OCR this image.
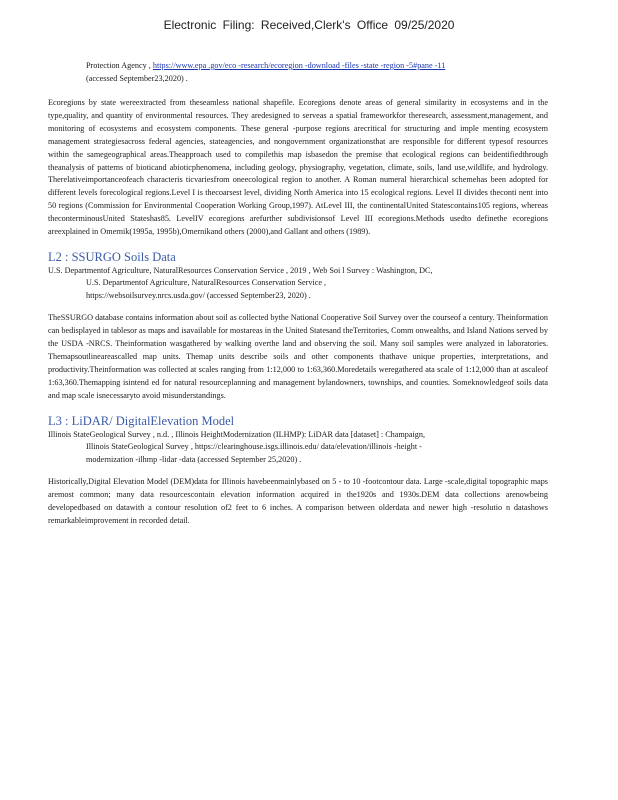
Electronic Filing: Received,Clerk's Office 09/25/2020
Protection Agency , https://www.epa .gov/eco -research/ecoregion -download -files -state -region -5#pane -11
(accessed September23,2020) .

Ecoregions by state wereextracted from theseamless national shapefile. Ecoregions denote areas of general similarity in ecosystems and in the type,quality, and quantity of environmental resources. They aredesigned to serveas a spatial frameworkfor theresearch, assessment,management, and monitoring of ecosystems and ecosystem components. These general -purpose regions arecritical for structuring and imple menting ecosystem management strategiesacross federal agencies, stateagencies, and nongovernment organizationsthat are responsible for different typesof resources within the samegeographical areas.Theapproach used to compilethis map isbasedon the premise that ecological regions can beidentifiedthrough theanalysis of patterns of bioticand abioticphenomena, including geology, physiography, vegetation, climate, soils, land use,wildlife, and hydrology. Therelativeimportanceofeach characteris ticvariesfrom oneecological region to another. A Roman numeral hierarchical schemehas been adopted for different levels forecological regions.Level I is thecoarsest level, dividing North America into 15 ecological regions. Level II divides theconti nent into 50 regions (Commission for Environmental Cooperation Working Group,1997). AtLevel III, the continentalUnited Statescontains105 regions, whereas theconterminousUnited Stateshas85. LevelIV ecoregions arefurther subdivisionsof Level III ecoregions.Methods usedto definethe ecoregions areexplained in Omernik(1995a, 1995b),Omernikand others (2000),and Gallant and others (1989).

L2 : SSURGO Soils Data
U.S. Departmentof Agriculture, NaturalResources Conservation Service , 2019 , Web Soi l Survey : Washington, DC,
U.S. Departmentof Agriculture, NaturalResources Conservation Service ,
https://websoilsurvey.nrcs.usda.gov/ (accessed September23, 2020) .

TheSSURGO database contains information about soil as collected bythe National Cooperative Soil Survey over the courseof a century. Theinformation can bedisplayed in tablesor as maps and isavailable for mostareas in the United Statesand theTerritories, Comm onwealths, and Island Nations served by the USDA -NRCS. Theinformation wasgathered by walking overthe land and observing the soil. Many soil samples were analyzed in laboratories. Themapsoutlineareascalled map units. Themap units describe soils and other components thathave unique properties, interpretations, and productivity.Theinformation was collected at scales ranging from 1:12,000 to 1:63,360.Moredetails weregathered ata scale of 1:12,000 than at ascaleof 1:63,360.Themapping isintend ed for natural resourceplanning and management bylandowners, townships, and counties. Someknowledgeof soils data and map scale isnecessaryto avoid misunderstandings.

L3 : LiDAR/ DigitalElevation Model
Illinois StateGeological Survey , n.d. , Illinois HeightModernization (ILHMP): LiDAR data [dataset] : Champaign,
Illinois StateGeological Survey , https://clearinghouse.isgs.illinois.edu/ data/elevation/illinois -height -
modernization -ilhmp -lidar -data (accessed September 25,2020) .

Historically,Digital Elevation Model (DEM)data for Illinois havebeenmainlybased on 5 - to 10 -footcontour data. Large -scale,digital topographic maps aremost common; many data resourcescontain elevation information acquired in the1920s and 1930s.DEM data collections arenowbeing developedbased on datawith a contour resolution of2 feet to 6 inches. A comparison between olderdata and newer high -resolutio n datashows remarkableimprovement in recorded detail.
